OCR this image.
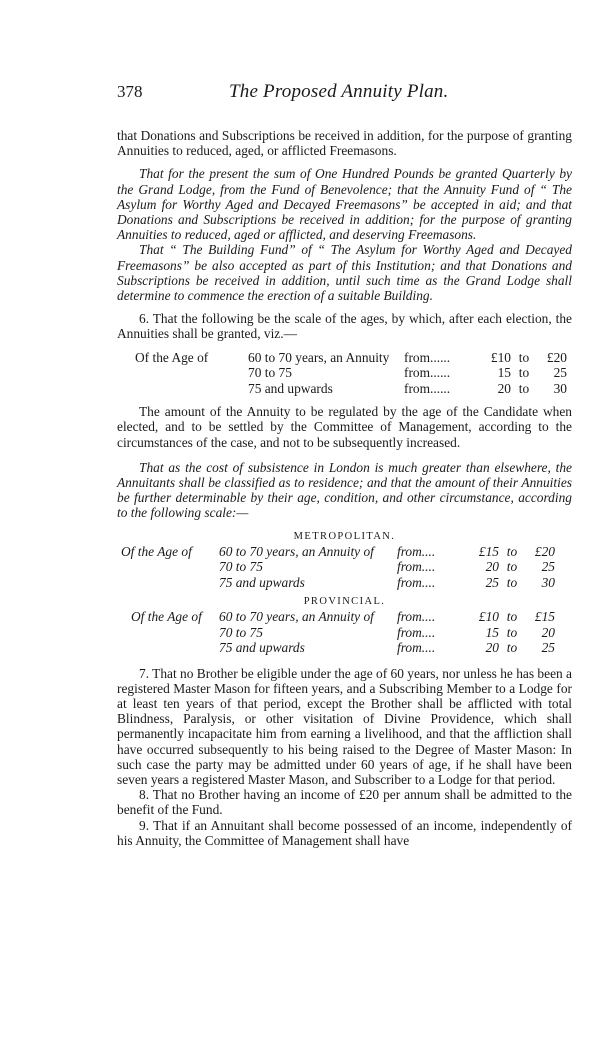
378	The Proposed Annuity Plan.

that Donations and Subscriptions be received in addition, for the purpose of granting Annuities to reduced, aged, or afflicted Freemasons.

That for the present the sum of One Hundred Pounds be granted Quarterly by the Grand Lodge, from the Fund of Benevolence; that the Annuity Fund of “ The Asylum for Worthy Aged and Decayed Freemasons” be accepted in aid; and that Donations and Subscriptions be received in addition; for the purpose of granting Annuities to reduced, aged or afflicted, and deserving Freemasons.

That “ The Building Fund” of “ The Asylum for Worthy Aged and Decayed Freemasons” be also accepted as part of this Institution; and that Donations and Subscriptions be received in addition, until such time as the Grand Lodge shall determine to commence the erection of a suitable Building.

6. That the following be the scale of the ages, by which, after each election, the Annuities shall be granted, viz.—

Of the Age of	60 to 70 years, an Annuity	from......	£10 to	£20
70 to 75	from......	15 to	25
75 and upwards	from......	20 to	30

The amount of the Annuity to be regulated by the age of the Candidate when elected, and to be settled by the Committee of Management, according to the circumstances of the case, and not to be subsequently increased.

That as the cost of subsistence in London is much greater than elsewhere, the Annuitants shall be classified as to residence; and that the amount of their Annuities be further determinable by their age, condition, and other circumstance, according to the following scale:—

METROPOLITAN.
Of the Age of	60 to 70 years, an Annuity of	from....	£15 to	£20
70 to 75	from....	20 to	25
75 and upwards	from....	25 to	30
PROVINCIAL.
Of the Age of	60 to 70 years, an Annuity of	from....	£10 to	£15
70 to 75	from....	15 to	20
75 and upwards	from....	20 to	25

7. That no Brother be eligible under the age of 60 years, nor unless he has been a registered Master Mason for fifteen years, and a Subscribing Member to a Lodge for at least ten years of that period, except the Brother shall be afflicted with total Blindness, Paralysis, or other visitation of Divine Providence, which shall permanently incapacitate him from earning a livelihood, and that the affliction shall have occurred subsequently to his being raised to the Degree of Master Mason: In such case the party may be admitted under 60 years of age, if he shall have been seven years a registered Master Mason, and Subscriber to a Lodge for that period.

8. That no Brother having an income of £20 per annum shall be admitted to the benefit of the Fund.

9. That if an Annuitant shall become possessed of an income, independently of his Annuity, the Committee of Management shall have
